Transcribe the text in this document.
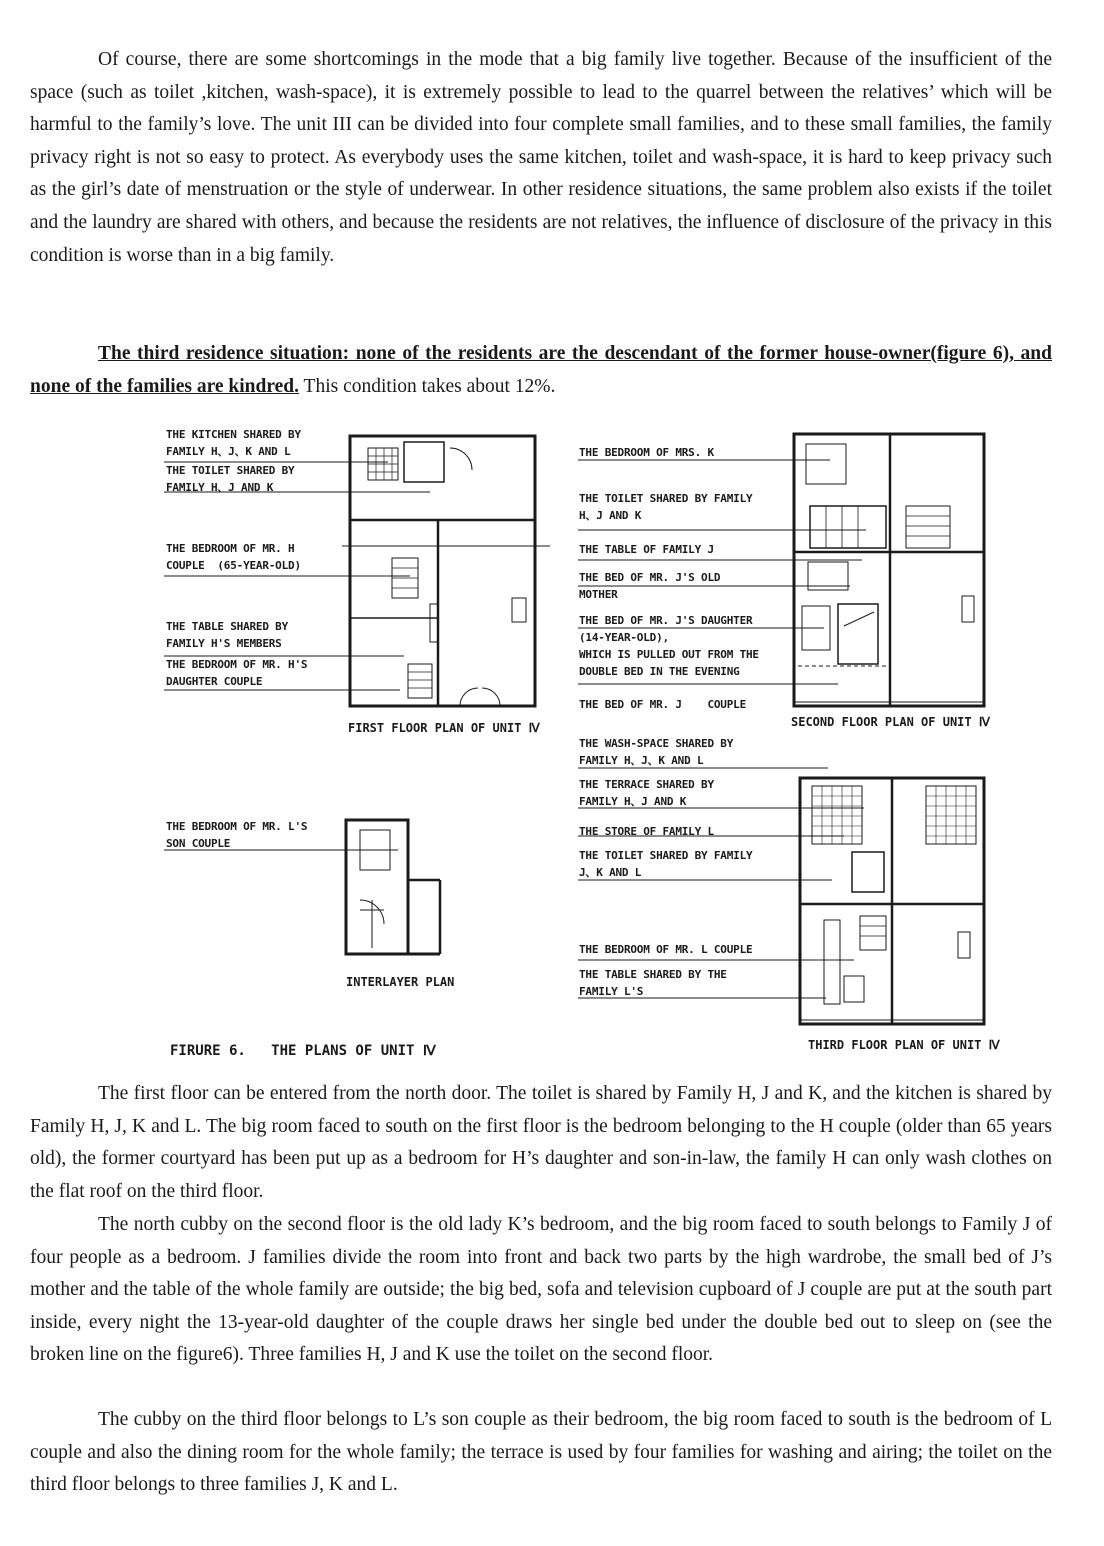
Of course, there are some shortcomings in the mode that a big family live together. Because of the insufficient of the space (such as toilet ,kitchen, wash-space), it is extremely possible to lead to the quarrel between the relatives’ which will be harmful to the family’s love. The unit III can be divided into four complete small families, and to these small families, the family privacy right is not so easy to protect. As everybody uses the same kitchen, toilet and wash-space, it is hard to keep privacy such as the girl’s date of menstruation or the style of underwear. In other residence situations, the same problem also exists if the toilet and the laundry are shared with others, and because the residents are not relatives, the influence of disclosure of the privacy in this condition is worse than in a big family.

The third residence situation: none of the residents are the descendant of the former house-owner(figure 6), and none of the families are kindred. This condition takes about 12%.

THE KITCHEN SHARED BY
FAMILY H、J、K AND L
THE TOILET SHARED BY
FAMILY H、J AND K
THE BEDROOM OF MR. H
COUPLE  (65-YEAR-OLD)
THE TABLE SHARED BY
FAMILY H'S MEMBERS
THE BEDROOM OF MR. H'S
DAUGHTER COUPLE
FIRST FLOOR PLAN OF UNIT Ⅳ
THE BEDROOM OF MR. L'S
SON COUPLE
INTERLAYER PLAN
FIRURE 6.   THE PLANS OF UNIT Ⅳ
THE BEDROOM OF MRS. K
THE TOILET SHARED BY FAMILY
H、J AND K
THE TABLE OF FAMILY J
THE BED OF MR. J'S OLD
MOTHER
THE BED OF MR. J'S DAUGHTER
(14-YEAR-OLD),
WHICH IS PULLED OUT FROM THE
DOUBLE BED IN THE EVENING
THE BED OF MR. J    COUPLE
SECOND FLOOR PLAN OF UNIT Ⅳ
THE WASH-SPACE SHARED BY
FAMILY H、J、K AND L
THE TERRACE SHARED BY
FAMILY H、J AND K
THE STORE OF FAMILY L
THE TOILET SHARED BY FAMILY
J、K AND L
THE BEDROOM OF MR. L COUPLE
THE TABLE SHARED BY THE
FAMILY L'S
THIRD FLOOR PLAN OF UNIT Ⅳ

The first floor can be entered from the north door. The toilet is shared by Family H, J and K, and the kitchen is shared by Family H, J, K and L. The big room faced to south on the first floor is the bedroom belonging to the H couple (older than 65 years old), the former courtyard has been put up as a bedroom for H’s daughter and son-in-law, the family H can only wash clothes on the flat roof on the third floor.

The north cubby on the second floor is the old lady K’s bedroom, and the big room faced to south belongs to Family J of four people as a bedroom. J families divide the room into front and back two parts by the high wardrobe, the small bed of J’s mother and the table of the whole family are outside; the big bed, sofa and television cupboard of J couple are put at the south part inside, every night the 13-year-old daughter of the couple draws her single bed under the double bed out to sleep on (see the broken line on the figure6). Three families H, J and K use the toilet on the second floor.

The cubby on the third floor belongs to L’s son couple as their bedroom, the big room faced to south is the bedroom of L couple and also the dining room for the whole family; the terrace is used by four families for washing and airing; the toilet on the third floor belongs to three families J, K and L.
